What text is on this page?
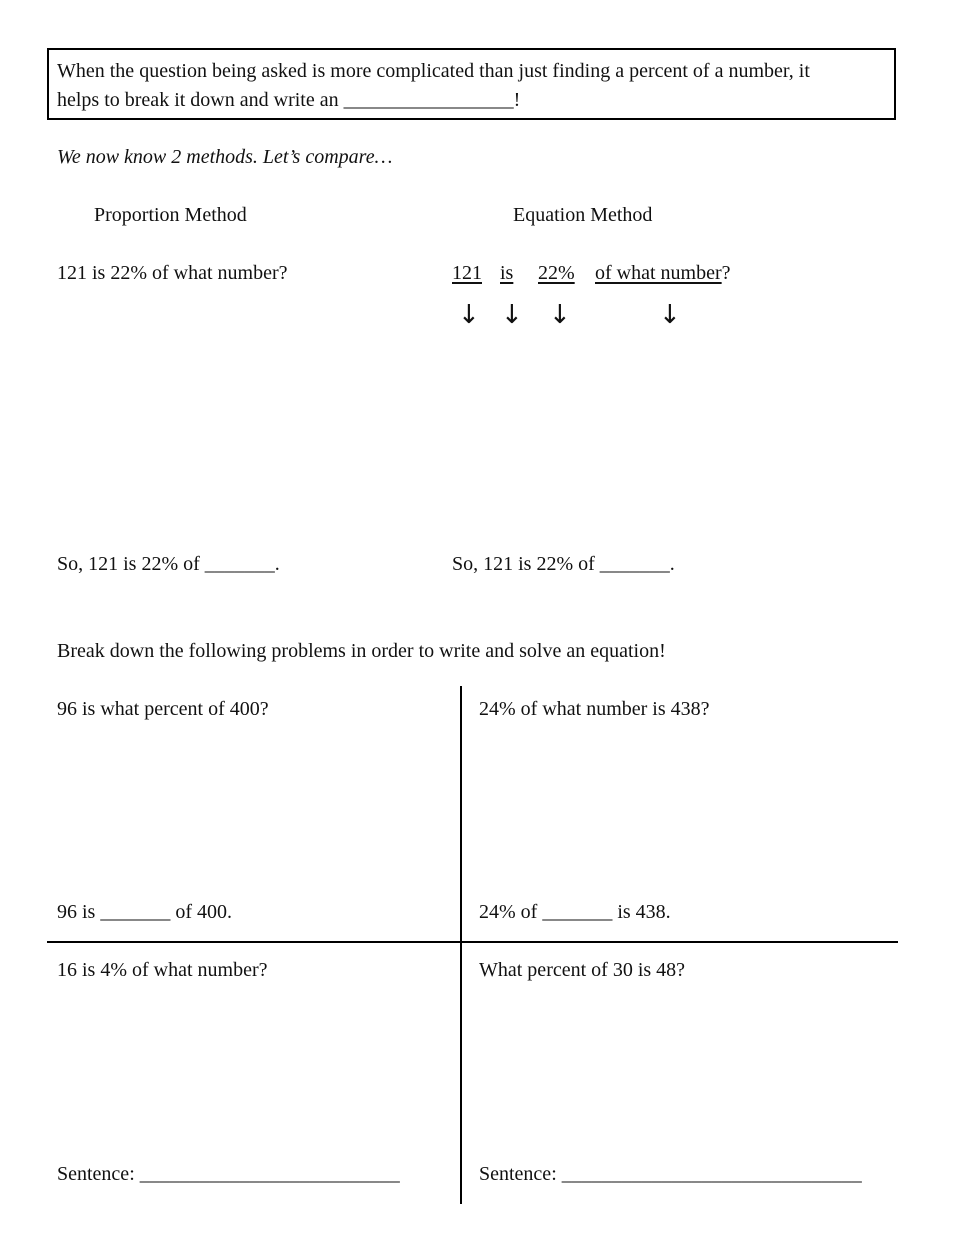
When the question being asked is more complicated than just finding a percent of a number, it
helps to break it down and write an _________________!
We now know 2 methods. Let’s compare…
Proportion Method	Equation Method
121 is 22% of what number?	121 is 22% of what number?
↓ ↓ ↓	↓
So, 121 is 22% of _______.	So, 121 is 22% of _______.
Break down the following problems in order to write and solve an equation!
96 is what percent of 400?
96 is _______ of 400.
24% of what number is 438?
24% of _______ is 438.
16 is 4% of what number?
Sentence: __________________________
What percent of 30 is 48?
Sentence: ______________________________
